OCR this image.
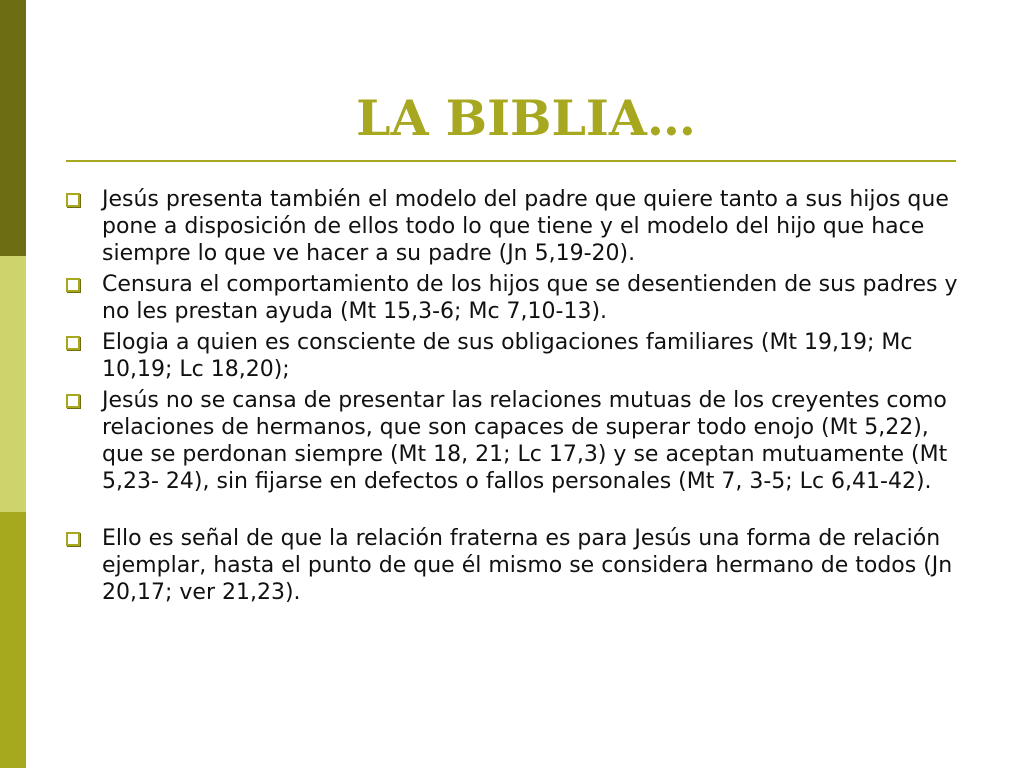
LA BIBLIA…
Jesús presenta también el modelo del padre que quiere tanto a sus hijos que pone a disposición de ellos todo lo que tiene y el modelo del hijo que hace siempre lo que ve hacer a su padre (Jn 5,19-20).
Censura el comportamiento de los hijos que se desentienden de sus padres y no les prestan ayuda (Mt 15,3-6; Mc 7,10-13).
Elogia a quien es consciente de sus obligaciones familiares (Mt 19,19; Mc 10,19; Lc 18,20);
Jesús no se cansa de presentar las relaciones mutuas de los creyentes como relaciones de hermanos, que son capaces de superar todo enojo (Mt 5,22), que se perdonan siempre (Mt 18, 21; Lc 17,3) y se aceptan mutuamente (Mt 5,23- 24), sin fijarse en defectos o fallos personales (Mt 7, 3-5; Lc 6,41-42).
Ello es señal de que la relación fraterna es para Jesús una forma de relación ejemplar, hasta el punto de que él mismo se considera hermano de todos (Jn 20,17; ver 21,23).
